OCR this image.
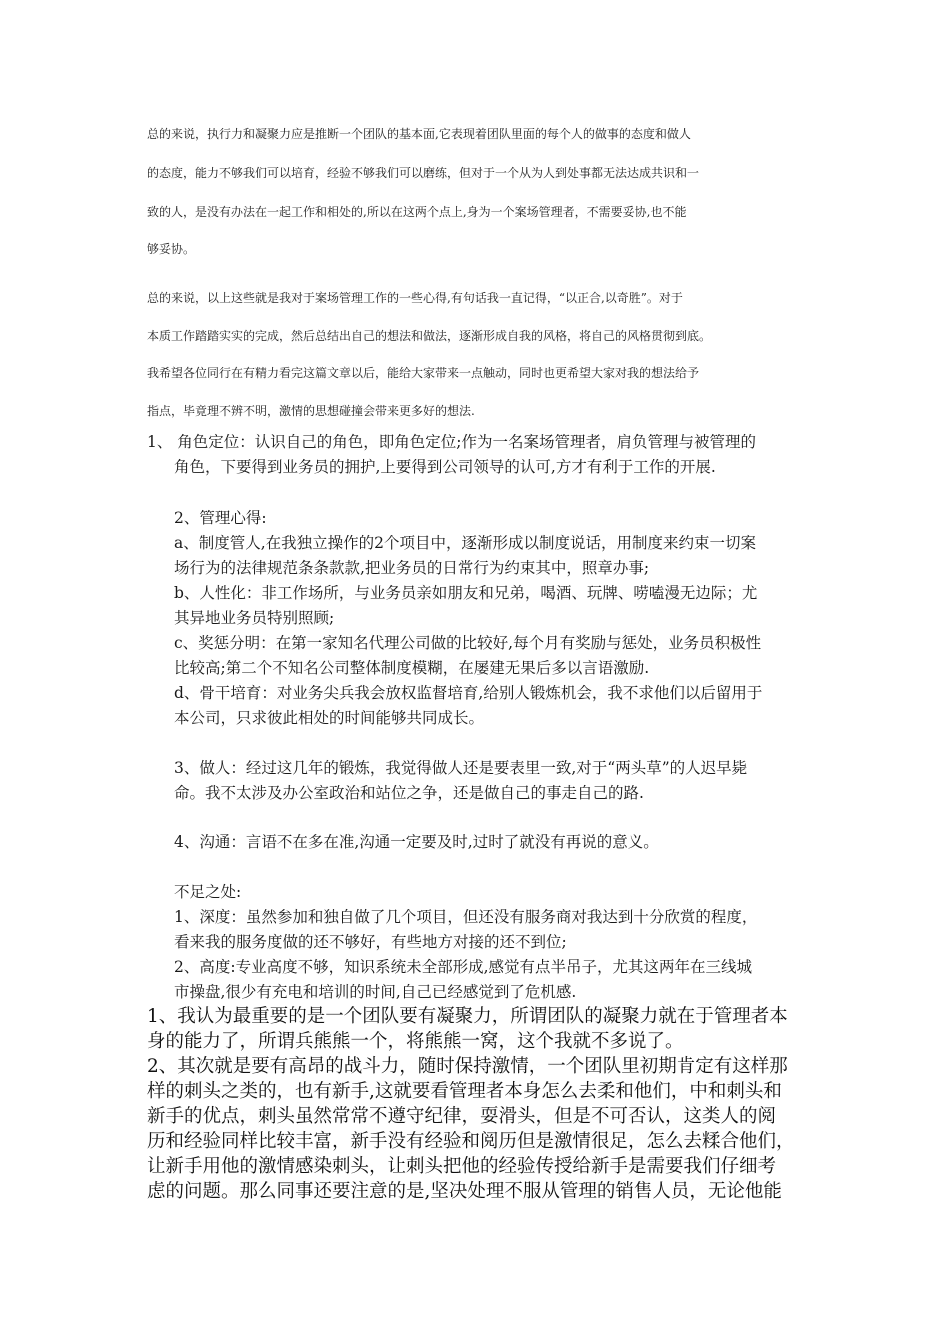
总的来说，执行力和凝聚力应是推断一个团队的基本面,它表现着团队里面的每个人的做事的态度和做人
的态度，能力不够我们可以培育，经验不够我们可以磨练，但对于一个从为人到处事都无法达成共识和一
致的人，是没有办法在一起工作和相处的,所以在这两个点上,身为一个案场管理者，不需要妥协,也不能
够妥协。
总的来说，以上这些就是我对于案场管理工作的一些心得,有句话我一直记得，“以正合,以奇胜”。对于
本质工作踏踏实实的完成，然后总结出自己的想法和做法，逐渐形成自我的风格，将自己的风格贯彻到底。
我希望各位同行在有精力看完这篇文章以后，能给大家带来一点触动，同时也更希望大家对我的想法给予
指点，毕竟理不辨不明，激情的思想碰撞会带来更多好的想法.
1、 角色定位：认识自己的角色，即角色定位;作为一名案场管理者，肩负管理与被管理的
角色，下要得到业务员的拥护,上要得到公司领导的认可,方才有利于工作的开展.
2、管理心得:
a、制度管人,在我独立操作的2个项目中，逐渐形成以制度说话，用制度来约束一切案
场行为的法律规范条条款款,把业务员的日常行为约束其中，照章办事;
b、人性化：非工作场所，与业务员亲如朋友和兄弟，喝酒、玩牌、唠嗑漫无边际；尤
其异地业务员特别照顾;
c、奖惩分明：在第一家知名代理公司做的比较好,每个月有奖励与惩处，业务员积极性
比较高;第二个不知名公司整体制度模糊，在屡建无果后多以言语激励.
d、骨干培育：对业务尖兵我会放权监督培育,给别人锻炼机会，我不求他们以后留用于
本公司，只求彼此相处的时间能够共同成长。
3、做人：经过这几年的锻炼，我觉得做人还是要表里一致,对于“两头草”的人迟早毙
命。我不太涉及办公室政治和站位之争，还是做自己的事走自己的路.
4、沟通：言语不在多在准,沟通一定要及时,过时了就没有再说的意义。
不足之处:
1、深度：虽然参加和独自做了几个项目，但还没有服务商对我达到十分欣赏的程度，
看来我的服务度做的还不够好，有些地方对接的还不到位;
2、高度:专业高度不够，知识系统未全部形成,感觉有点半吊子，尤其这两年在三线城
市操盘,很少有充电和培训的时间,自己已经感觉到了危机感.
1、我认为最重要的是一个团队要有凝聚力，所谓团队的凝聚力就在于管理者本
身的能力了，所谓兵熊熊一个，将熊熊一窝，这个我就不多说了。
2、其次就是要有高昂的战斗力，随时保持激情，一个团队里初期肯定有这样那
样的刺头之类的，也有新手,这就要看管理者本身怎么去柔和他们，中和刺头和
新手的优点，刺头虽然常常不遵守纪律，耍滑头，但是不可否认，这类人的阅
历和经验同样比较丰富，新手没有经验和阅历但是激情很足，怎么去糅合他们，
让新手用他的激情感染刺头，让刺头把他的经验传授给新手是需要我们仔细考
虑的问题。那么同事还要注意的是,坚决处理不服从管理的销售人员，无论他能
